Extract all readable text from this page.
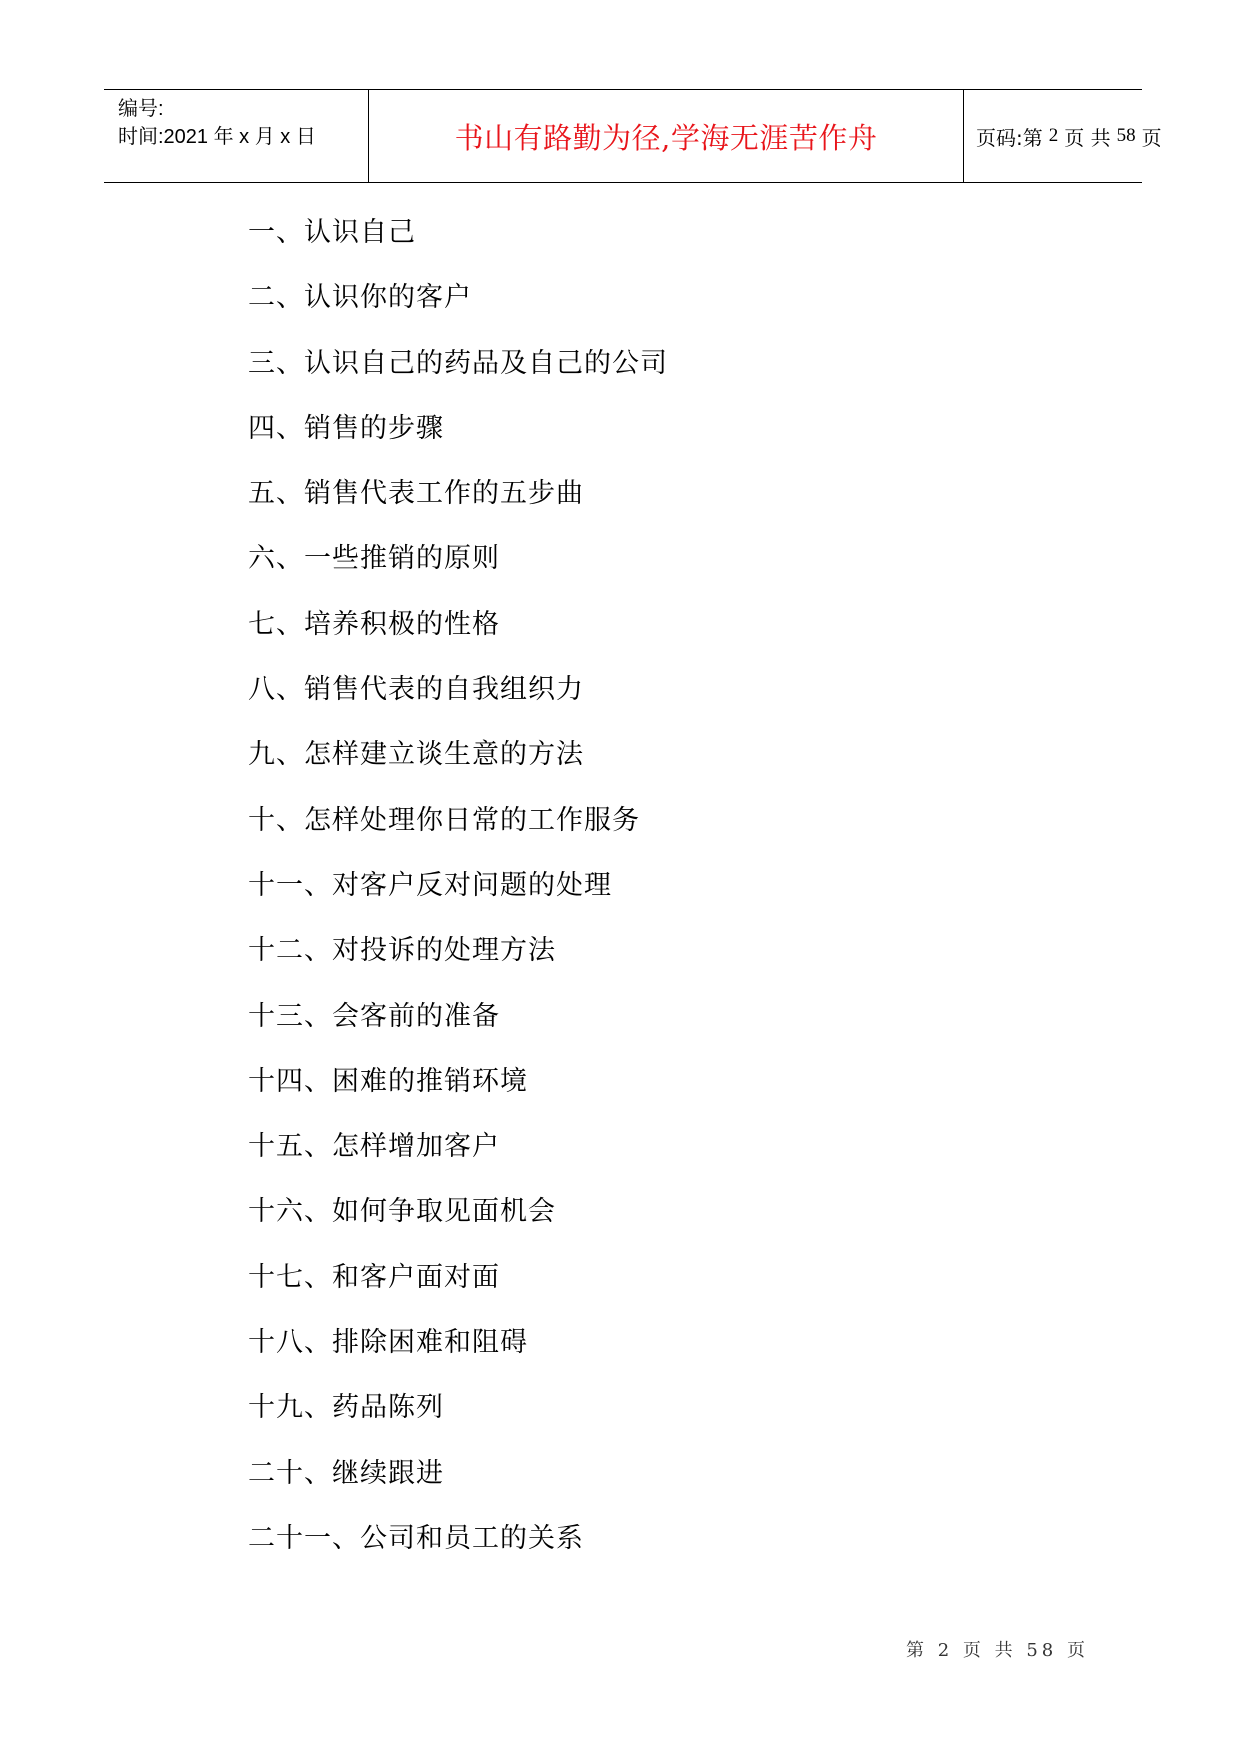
编号:
时间:2021 年 x 月 x 日	书山有路勤为径,学海无涯苦作舟	页码:第 2 页 共 58 页
一、认识自己
二、认识你的客户
三、认识自己的药品及自己的公司
四、销售的步骤
五、销售代表工作的五步曲
六、一些推销的原则
七、培养积极的性格
八、销售代表的自我组织力
九、怎样建立谈生意的方法
十、怎样处理你日常的工作服务
十一、对客户反对问题的处理
十二、对投诉的处理方法
十三、会客前的准备
十四、困难的推销环境
十五、怎样增加客户
十六、如何争取见面机会
十七、和客户面对面
十八、排除困难和阻碍
十九、药品陈列
二十、继续跟进
二十一、公司和员工的关系
第 2 页 共 58 页
